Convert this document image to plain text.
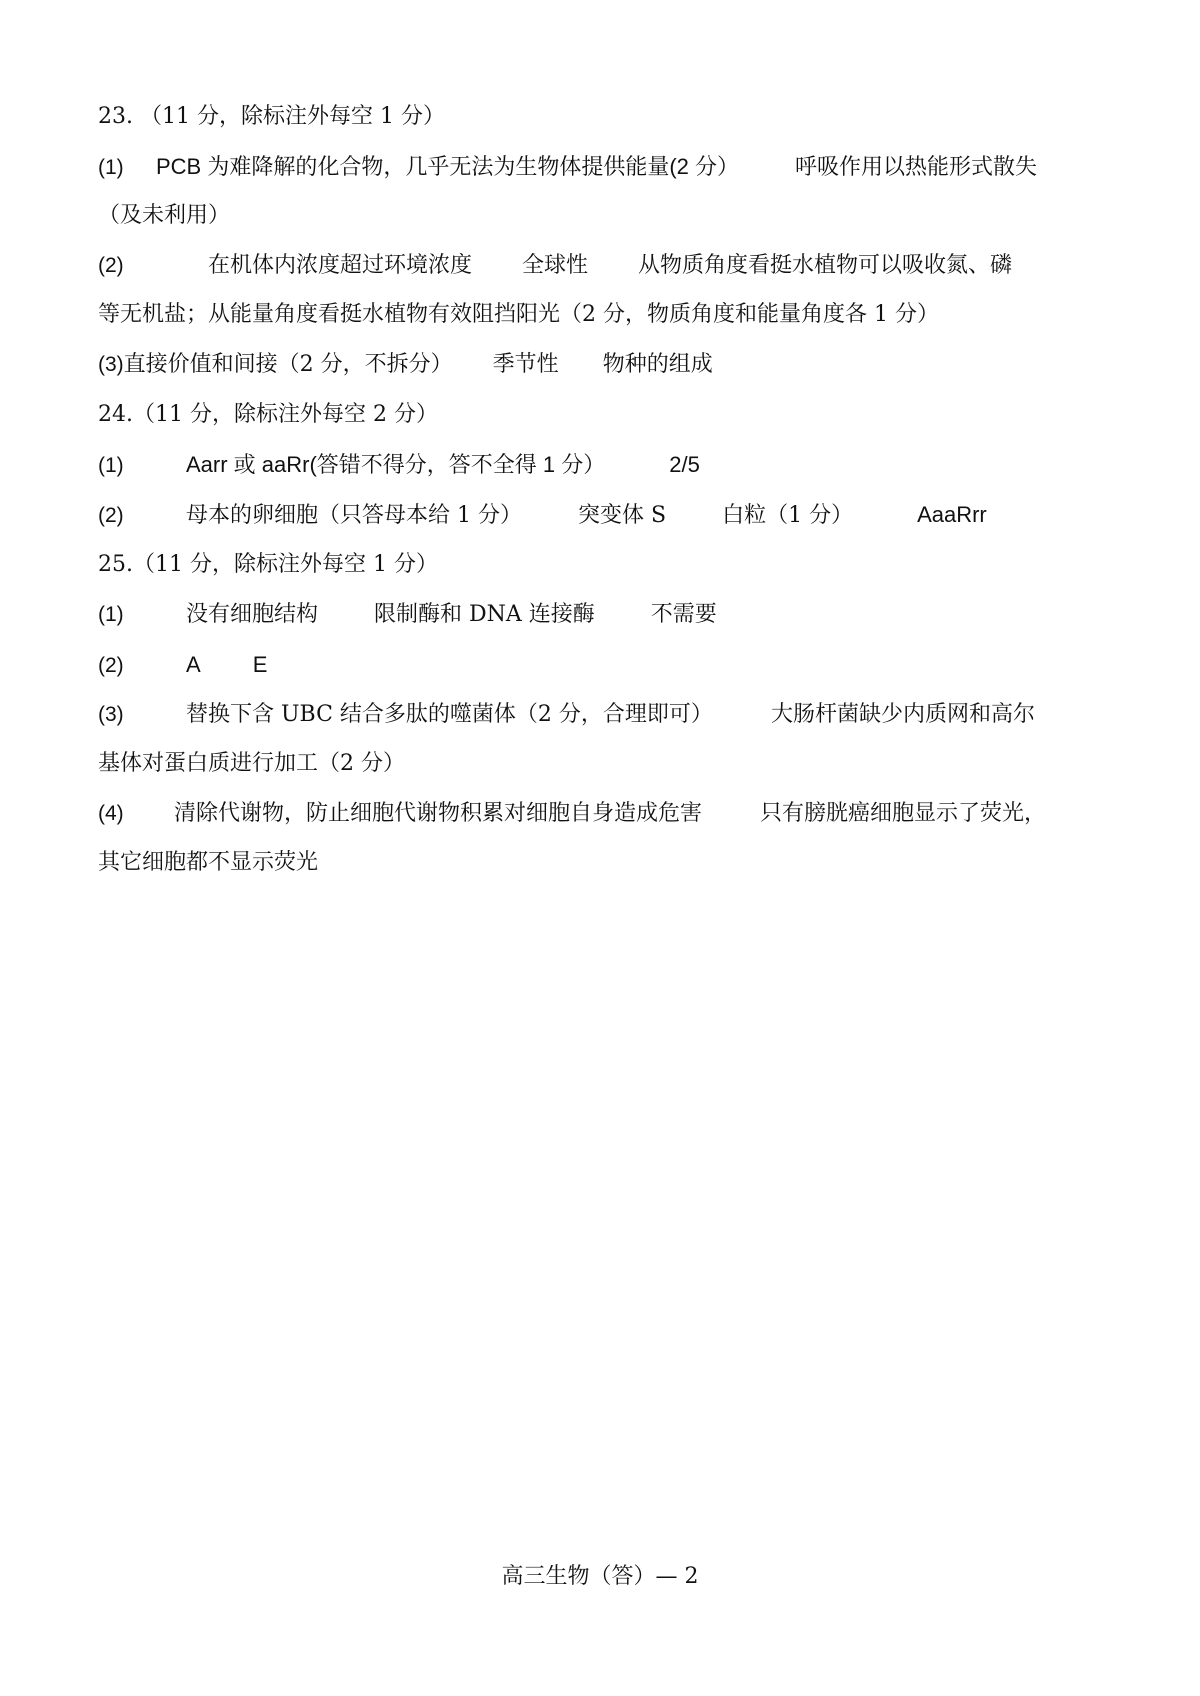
23. （11 分，除标注外每空 1 分）
(1) PCB 为难降解的化合物，几乎无法为生物体提供能量(2 分）	呼吸作用以热能形式散失
（及未利用）
(2)	在机体内浓度超过环境浓度 全球性 从物质角度看挺水植物可以吸收氮、磷
等无机盐；从能量角度看挺水植物有效阻挡阳光（2 分，物质角度和能量角度各 1 分）
(3)直接价值和间接（2 分，不拆分） 季节性 物种的组成
24.（11 分，除标注外每空 2 分）
(1)	Aarr 或 aaRr(答错不得分，答不全得 1 分）	2/5
(2)	母本的卵细胞（只答母本给 1 分）	突变体 S	白粒（1 分）	AaaRrr
25.（11 分，除标注外每空 1 分）
(1)	没有细胞结构	限制酶和 DNA 连接酶	不需要
(2)	A E
(3)	替换下含 UBC 结合多肽的噬菌体（2 分，合理即可）	大肠杆菌缺少内质网和高尔
基体对蛋白质进行加工（2 分）
(4) 清除代谢物，防止细胞代谢物积累对细胞自身造成危害	只有膀胱癌细胞显示了荧光，
其它细胞都不显示荧光
高三生物（答）— 2
